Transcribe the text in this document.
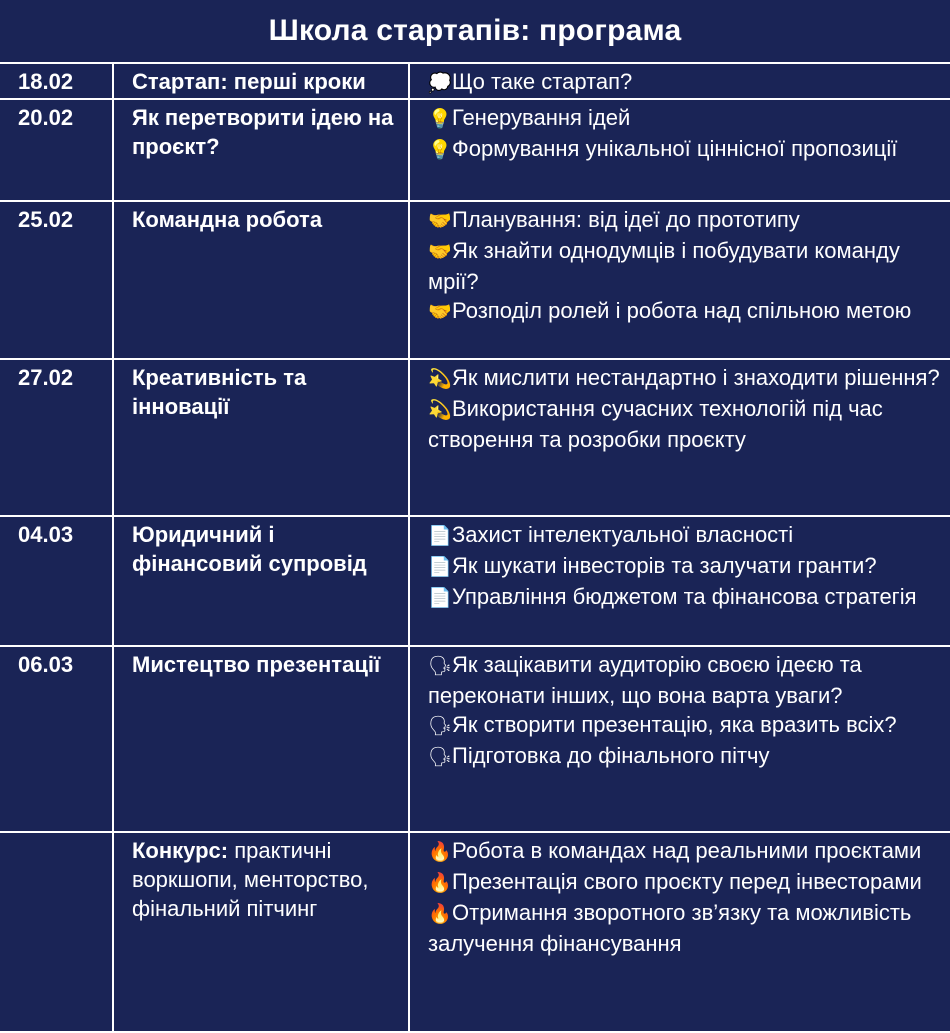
Школа стартапів: програма
18.02	Стартап: перші кроки	💭Що таке стартап?

20.02	Як перетворити ідею на проєкт?	💡Генерування ідей
💡Формування унікальної ціннісної пропозиції

25.02	Командна робота	🤝Планування: від ідеї до прототипу
🤝Як знайти однодумців і побудувати команду мрії?
🤝Розподіл ролей і робота над спільною метою

27.02	Креативність та інновації	💫Як мислити нестандартно і знаходити рішення?
💫Використання сучасних технологій під час створення та розробки проєкту

04.03	Юридичний і фінансовий супровід	📄Захист інтелектуальної власності
📄Як шукати інвесторів та залучати гранти?
📄Управління бюджетом та фінансова стратегія

06.03	Мистецтво презентації	🗣Як зацікавити аудиторію своєю ідеєю та переконати інших, що вона варта уваги?
🗣Як створити презентацію, яка вразить всіх?
🗣Підготовка до фінального пітчу

	Конкурс: практичні воркшопи, менторство, фінальний пітчинг	🔥Робота в командах над реальними проєктами
🔥Презентація свого проєкту перед інвесторами
🔥Отримання зворотного зв’язку та можливість залучення фінансування
